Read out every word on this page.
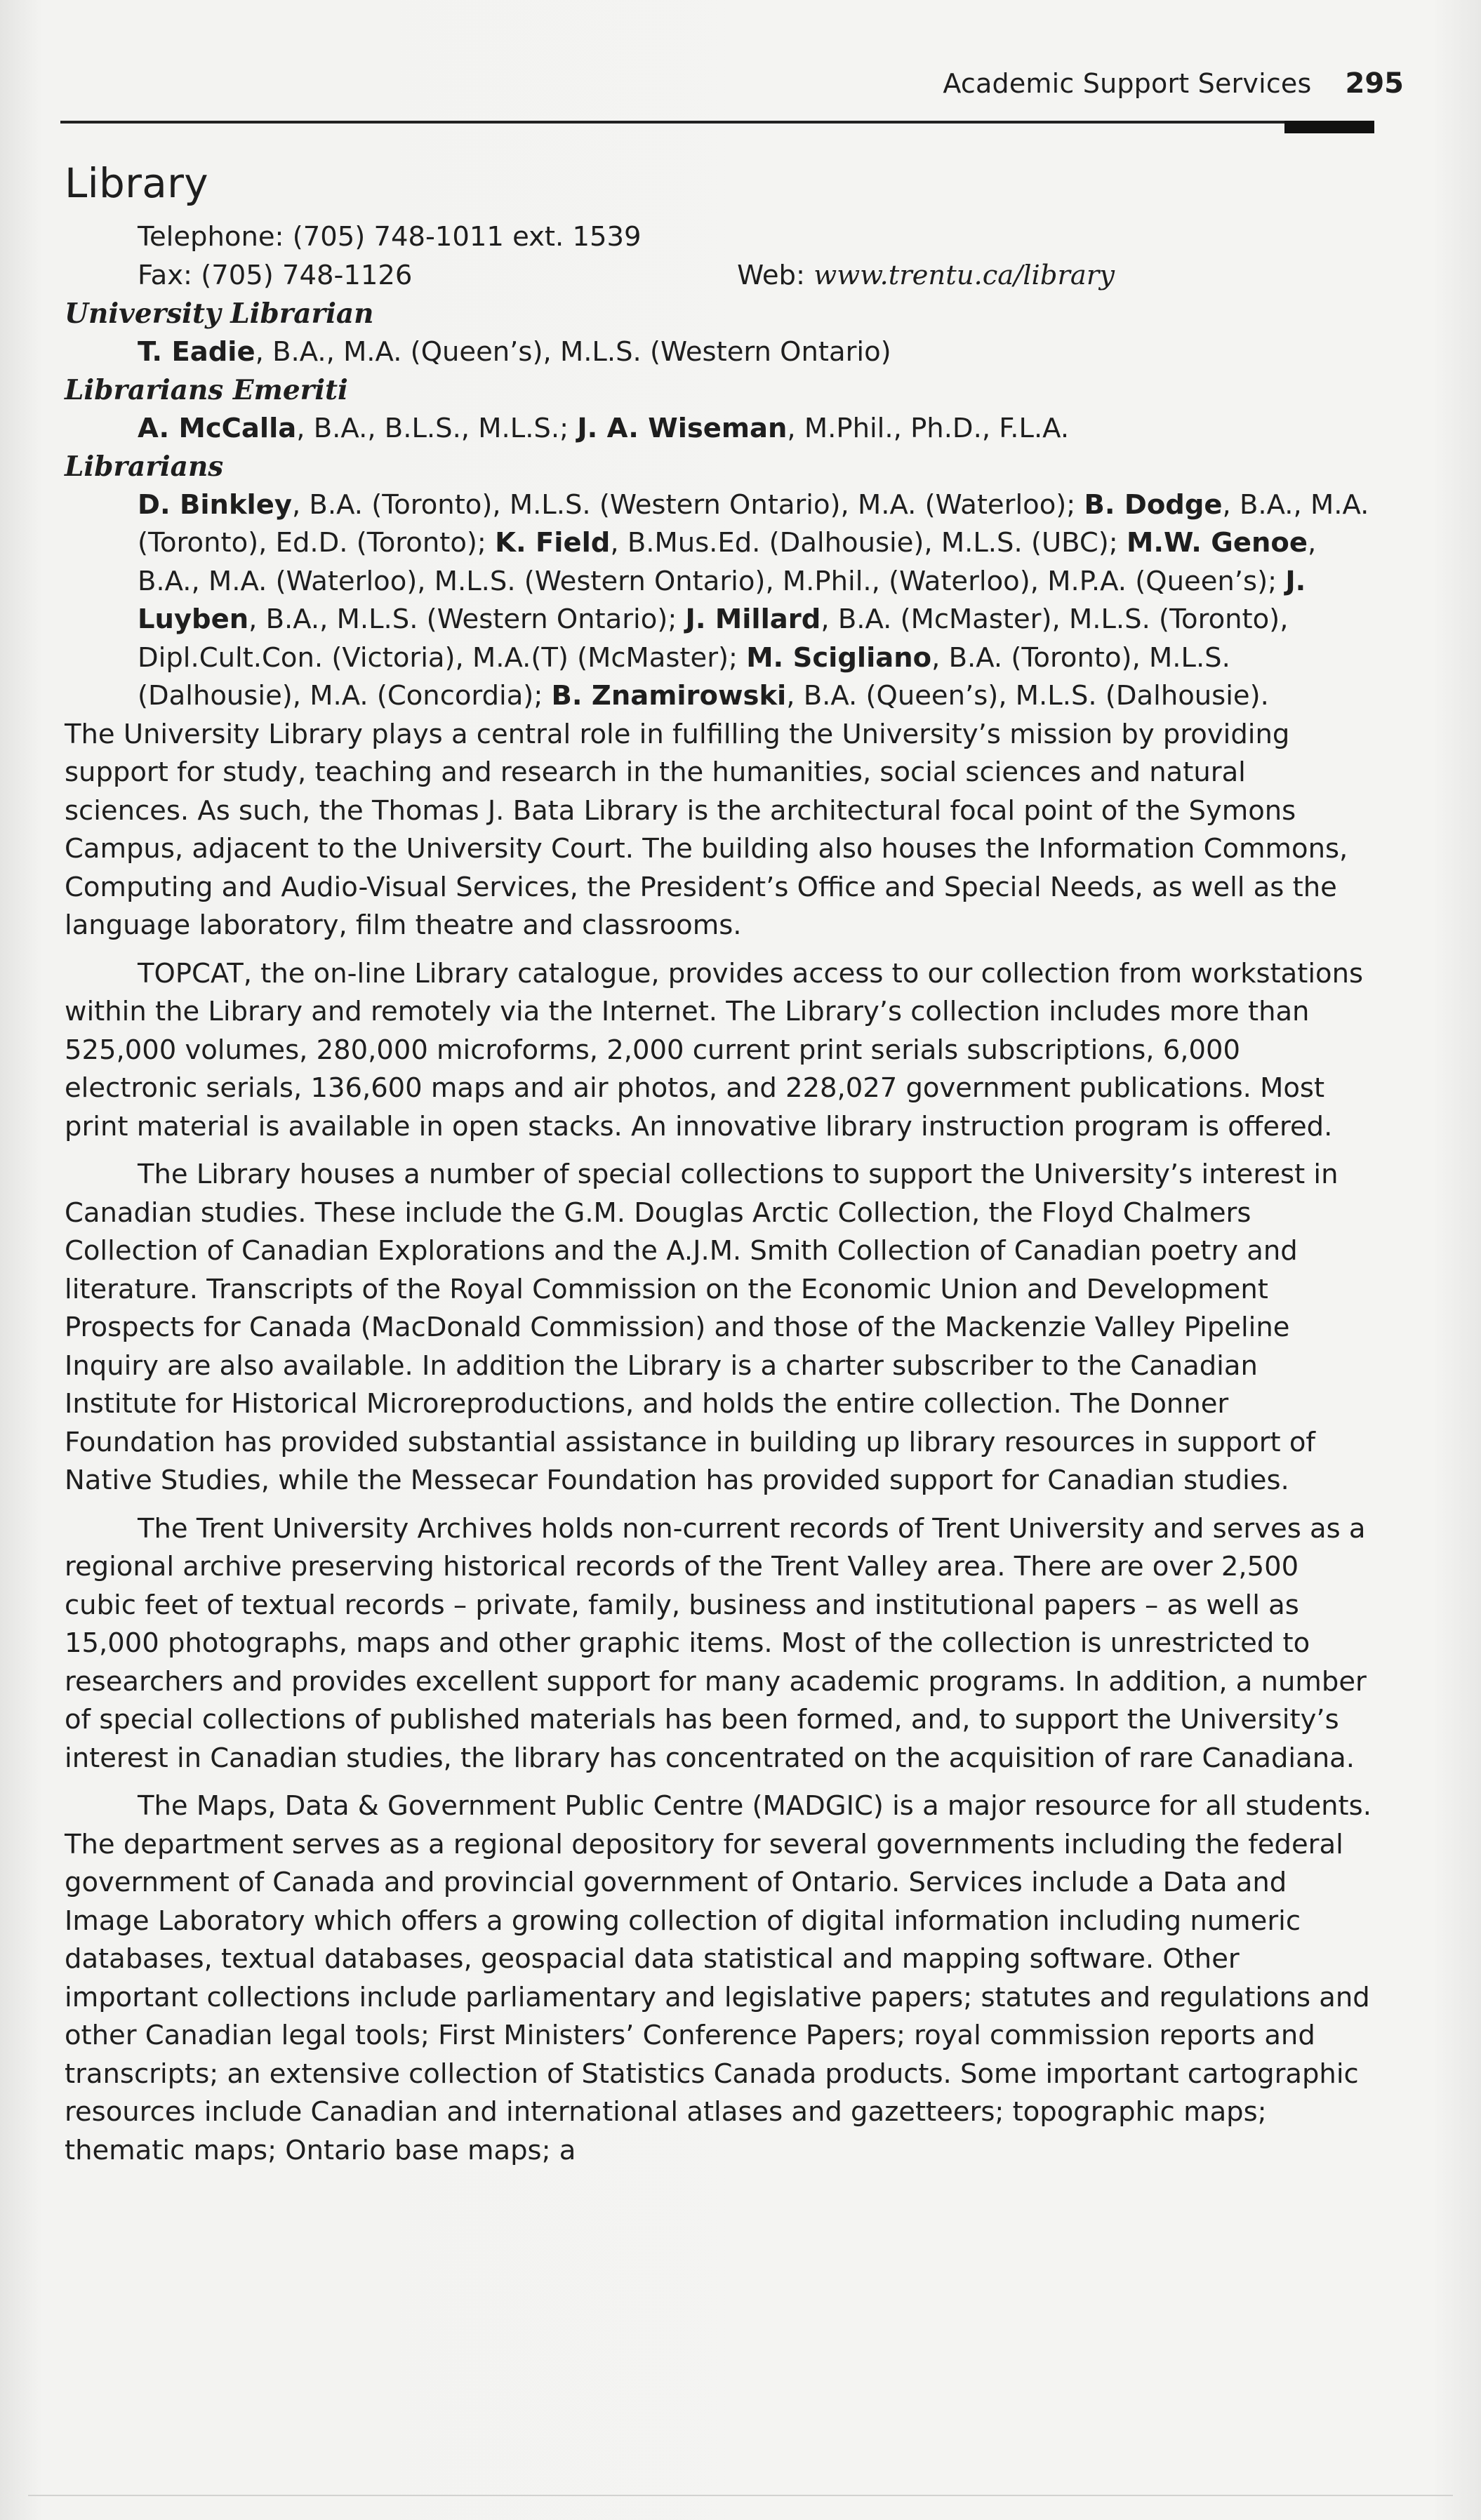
Academic Support Services 295
Library
Telephone: (705) 748-1011 ext. 1539
Fax: (705) 748-1126	Web: www.trentu.ca/library
University Librarian
T. Eadie, B.A., M.A. (Queen’s), M.L.S. (Western Ontario)
Librarians Emeriti
A. McCalla, B.A., B.L.S., M.L.S.; J. A. Wiseman, M.Phil., Ph.D., F.L.A.
Librarians
D. Binkley, B.A. (Toronto), M.L.S. (Western Ontario), M.A. (Waterloo); B. Dodge, B.A., M.A. (Toronto), Ed.D. (Toronto); K. Field, B.Mus.Ed. (Dalhousie), M.L.S. (UBC); M.W. Genoe, B.A., M.A. (Waterloo), M.L.S. (Western Ontario), M.Phil., (Waterloo), M.P.A. (Queen’s); J. Luyben, B.A., M.L.S. (Western Ontario); J. Millard, B.A. (McMaster), M.L.S. (Toronto), Dipl.Cult.Con. (Victoria), M.A.(T) (McMaster); M. Scigliano, B.A. (Toronto), M.L.S. (Dalhousie), M.A. (Concordia); B. Znamirowski, B.A. (Queen’s), M.L.S. (Dalhousie).

The University Library plays a central role in fulfilling the University’s mission by providing support for study, teaching and research in the humanities, social sciences and natural sciences. As such, the Thomas J. Bata Library is the architectural focal point of the Symons Campus, adjacent to the University Court. The building also houses the Information Commons, Computing and Audio-Visual Services, the President’s Office and Special Needs, as well as the language laboratory, film theatre and classrooms.

TOPCAT, the on-line Library catalogue, provides access to our collection from workstations within the Library and remotely via the Internet. The Library’s collection includes more than 525,000 volumes, 280,000 microforms, 2,000 current print serials subscriptions, 6,000 electronic serials, 136,600 maps and air photos, and 228,027 government publications. Most print material is available in open stacks. An innovative library instruction program is offered.

The Library houses a number of special collections to support the University’s interest in Canadian studies. These include the G.M. Douglas Arctic Collection, the Floyd Chalmers Collection of Canadian Explorations and the A.J.M. Smith Collection of Canadian poetry and literature. Transcripts of the Royal Commission on the Economic Union and Development Prospects for Canada (MacDonald Commission) and those of the Mackenzie Valley Pipeline Inquiry are also available. In addition the Library is a charter subscriber to the Canadian Institute for Historical Microreproductions, and holds the entire collection. The Donner Foundation has provided substantial assistance in building up library resources in support of Native Studies, while the Messecar Foundation has provided support for Canadian studies.

The Trent University Archives holds non-current records of Trent University and serves as a regional archive preserving historical records of the Trent Valley area. There are over 2,500 cubic feet of textual records – private, family, business and institutional papers – as well as 15,000 photographs, maps and other graphic items. Most of the collection is unrestricted to researchers and provides excellent support for many academic programs. In addition, a number of special collections of published materials has been formed, and, to support the University’s interest in Canadian studies, the library has concentrated on the acquisition of rare Canadiana.

The Maps, Data & Government Public Centre (MADGIC) is a major resource for all students. The department serves as a regional depository for several governments including the federal government of Canada and provincial government of Ontario. Services include a Data and Image Laboratory which offers a growing collection of digital information including numeric databases, textual databases, geospacial data statistical and mapping software. Other important collections include parliamentary and legislative papers; statutes and regulations and other Canadian legal tools; First Ministers’ Conference Papers; royal commission reports and transcripts; an extensive collection of Statistics Canada products. Some important cartographic resources include Canadian and international atlases and gazetteers; topographic maps; thematic maps; Ontario base maps; a
